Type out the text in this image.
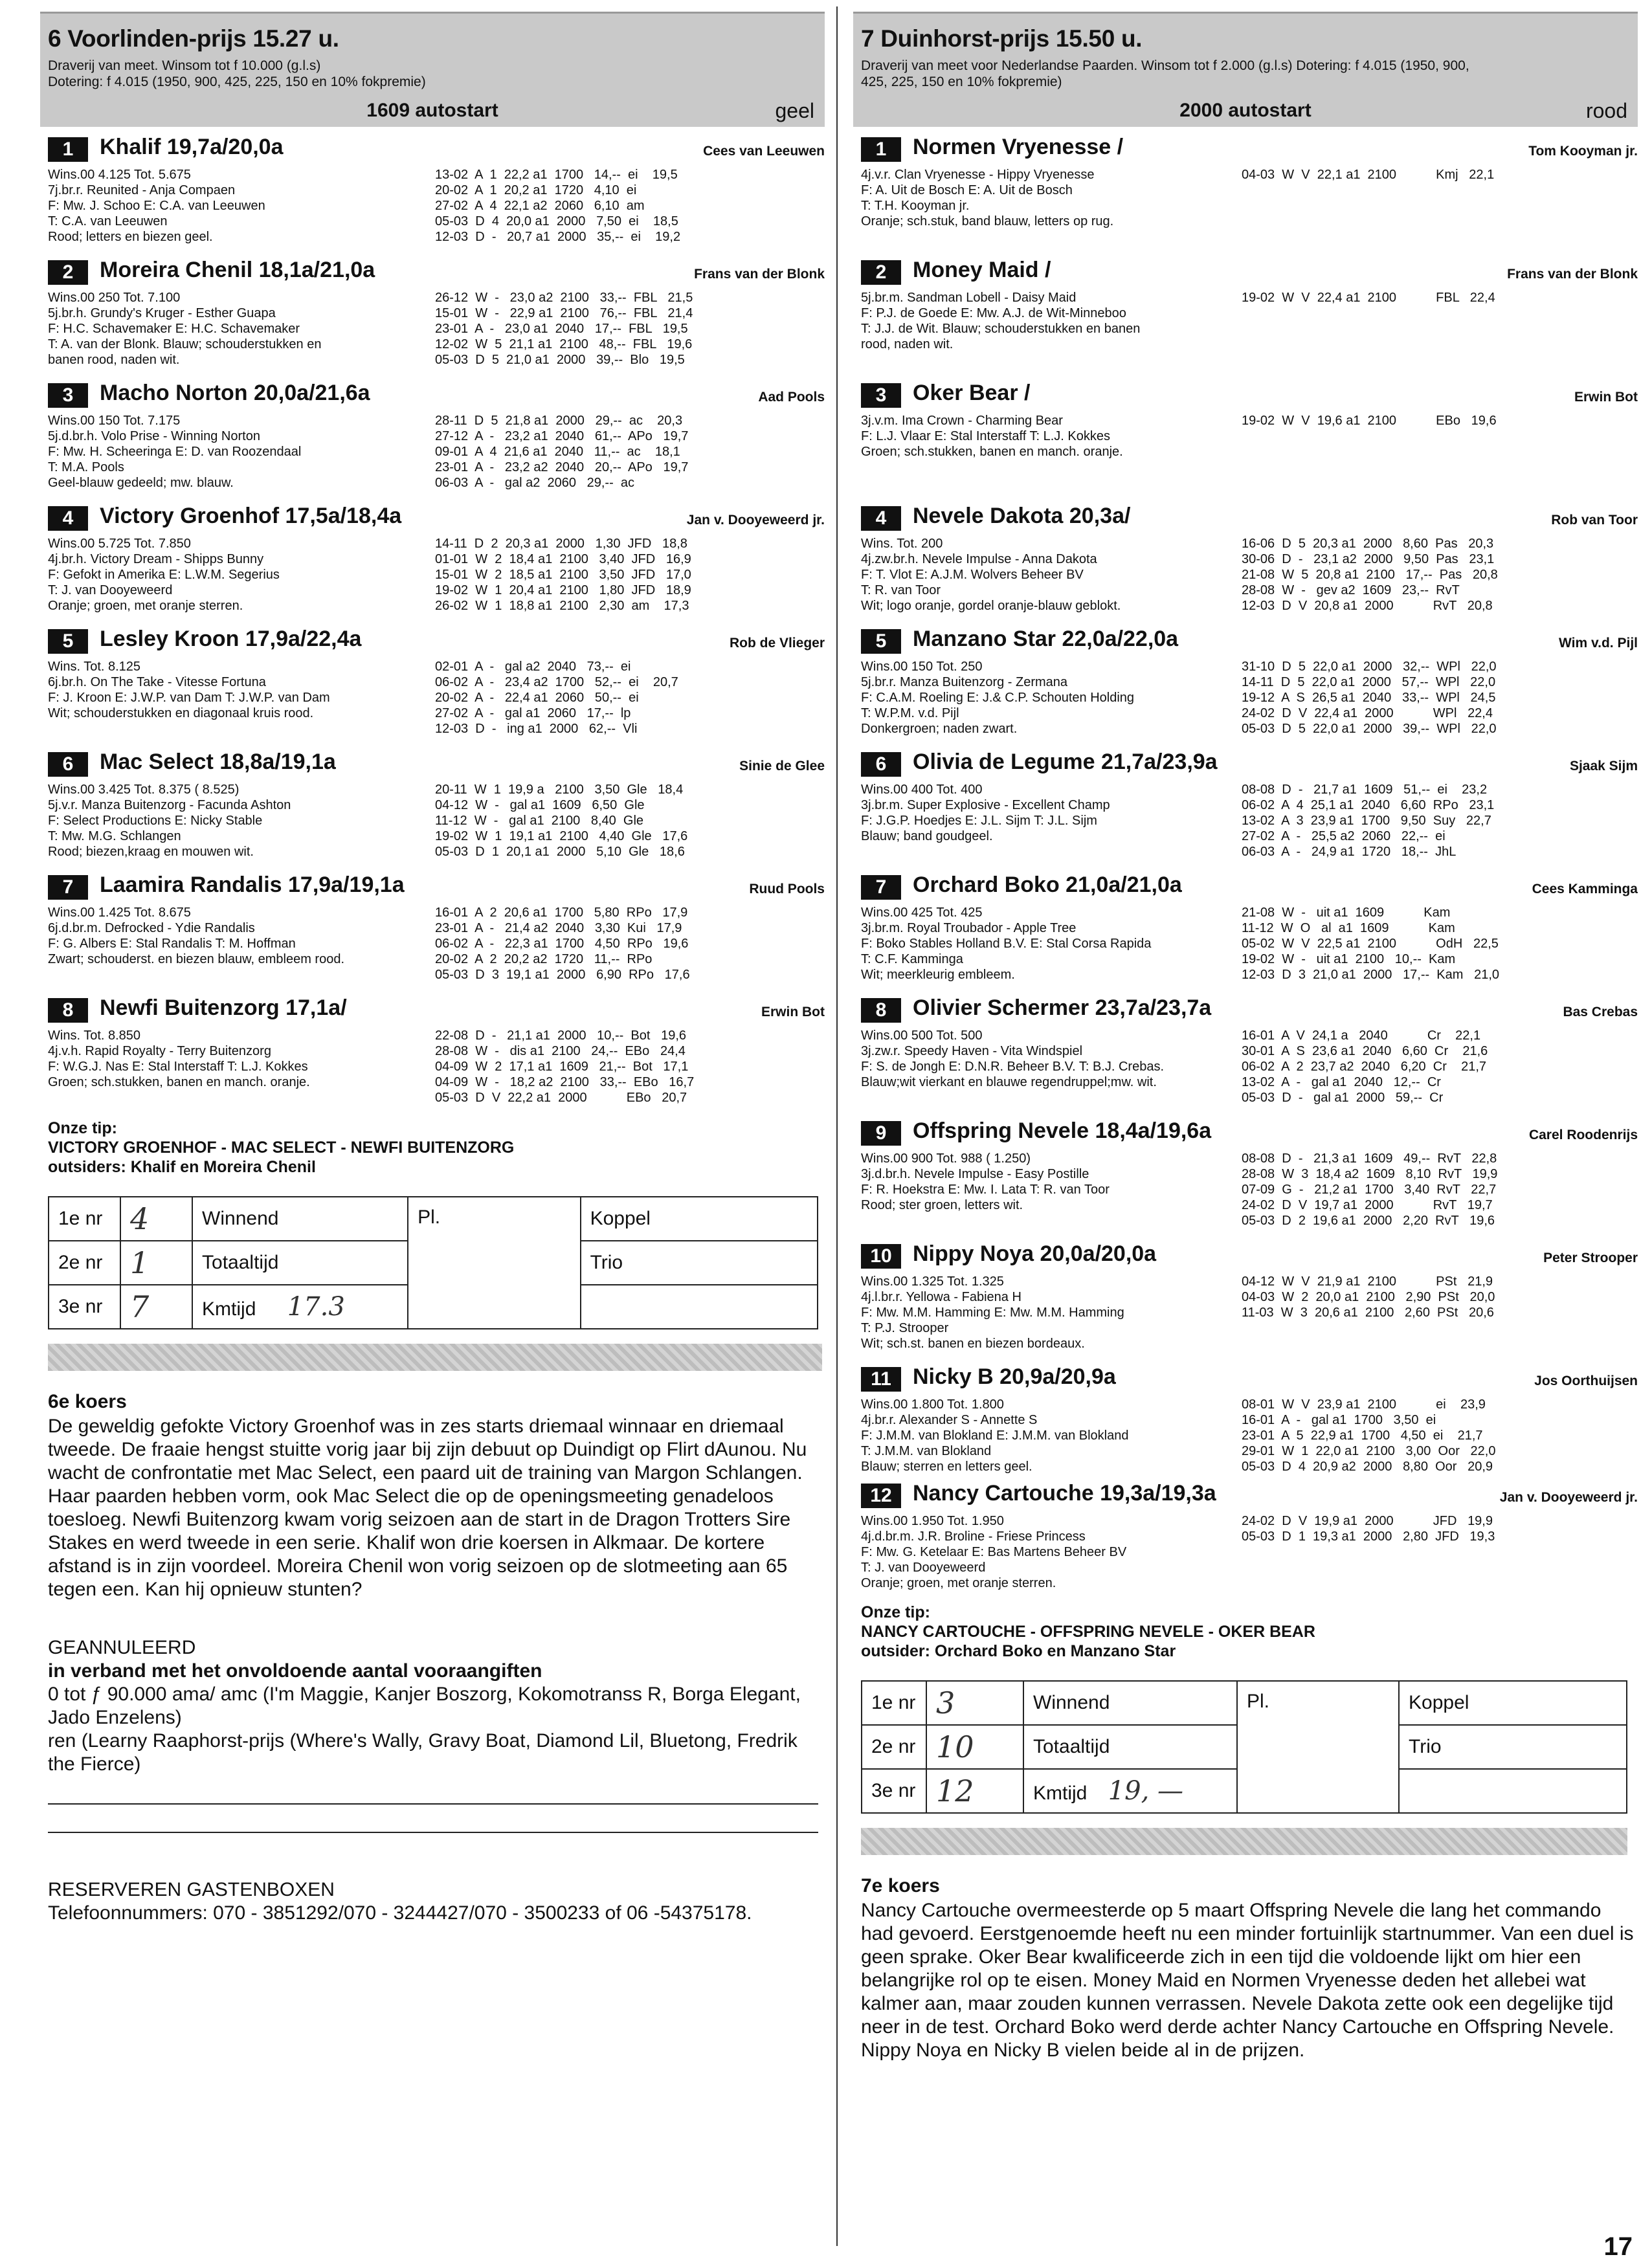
6 Voorlinden-prijs 15.27 u.
Draverij van meet. Winsom tot f 10.000 (g.l.s)
Dotering: f 4.015 (1950, 900, 425, 225, 150 en 10% fokpremie)
1609 autostart	geel
1	Khalif 19,7a/20,0a	Cees van Leeuwen
Wins.00 4.125 Tot. 5.675
7j.br.r. Reunited - Anja Compaen
F: Mw. J. Schoo E: C.A. van Leeuwen
T: C.A. van Leeuwen
Rood; letters en biezen geel.
13-02  A  1  22,2 a1  1700   14,--  ei    19,5
20-02  A  1  20,2 a1  1720   4,10  ei
27-02  A  4  22,1 a2  2060   6,10  am
05-03  D  4  20,0 a1  2000   7,50  ei    18,5
12-03  D  -   20,7 a1  2000   35,--  ei    19,2
2	Moreira Chenil 18,1a/21,0a	Frans van der Blonk
Wins.00 250 Tot. 7.100
5j.br.h. Grundy's Kruger - Esther Guapa
F: H.C. Schavemaker E: H.C. Schavemaker
T: A. van der Blonk. Blauw; schouderstukken en
banen rood, naden wit.
26-12  W  -   23,0 a2  2100   33,--  FBL   21,5
15-01  W  -   22,9 a1  2100   76,--  FBL   21,4
23-01  A  -   23,0 a1  2040   17,--  FBL   19,5
12-02  W  5  21,1 a1  2100   48,--  FBL   19,6
05-03  D  5  21,0 a1  2000   39,--  Blo   19,5
3	Macho Norton 20,0a/21,6a	Aad Pools
Wins.00 150 Tot. 7.175
5j.d.br.h. Volo Prise - Winning Norton
F: Mw. H. Scheeringa E: D. van Roozendaal
T: M.A. Pools
Geel-blauw gedeeld; mw. blauw.
28-11  D  5  21,8 a1  2000   29,--  ac    20,3
27-12  A  -   23,2 a1  2040   61,--  APo   19,7
09-01  A  4  21,6 a1  2040   11,--  ac    18,1
23-01  A  -   23,2 a2  2040   20,--  APo   19,7
06-03  A  -   gal a2  2060   29,--  ac
4	Victory Groenhof 17,5a/18,4a	Jan v. Dooyeweerd jr.
Wins.00 5.725 Tot. 7.850
4j.br.h. Victory Dream - Shipps Bunny
F: Gefokt in Amerika E: L.W.M. Segerius
T: J. van Dooyeweerd
Oranje; groen, met oranje sterren.
14-11  D  2  20,3 a1  2000   1,30  JFD   18,8
01-01  W  2  18,4 a1  2100   3,40  JFD   16,9
15-01  W  2  18,5 a1  2100   3,50  JFD   17,0
19-02  W  1  20,4 a1  2100   1,80  JFD   18,9
26-02  W  1  18,8 a1  2100   2,30  am    17,3
5	Lesley Kroon 17,9a/22,4a	Rob de Vlieger
Wins. Tot. 8.125
6j.br.h. On The Take - Vitesse Fortuna
F: J. Kroon E: J.W.P. van Dam T: J.W.P. van Dam
Wit; schouderstukken en diagonaal kruis rood.
02-01  A  -   gal a2  2040   73,--  ei
06-02  A  -   23,4 a2  1700   52,--  ei    20,7
20-02  A  -   22,4 a1  2060   50,--  ei
27-02  A  -   gal a1  2060   17,--  lp
12-03  D  -   ing a1  2000   62,--  Vli
6	Mac Select 18,8a/19,1a	Sinie de Glee
Wins.00 3.425 Tot. 8.375 ( 8.525)
5j.v.r. Manza Buitenzorg - Facunda Ashton
F: Select Productions E: Nicky Stable
T: Mw. M.G. Schlangen
Rood; biezen,kraag en mouwen wit.
20-11  W  1  19,9 a   2100   3,50  Gle   18,4
04-12  W  -   gal a1  1609   6,50  Gle
11-12  W  -   gal a1  2100   8,40  Gle
19-02  W  1  19,1 a1  2100   4,40  Gle   17,6
05-03  D  1  20,1 a1  2000   5,10  Gle   18,6
7	Laamira Randalis 17,9a/19,1a	Ruud Pools
Wins.00 1.425 Tot. 8.675
6j.d.br.m. Defrocked - Ydie Randalis
F: G. Albers E: Stal Randalis T: M. Hoffman
Zwart; schouderst. en biezen blauw, embleem rood.
16-01  A  2  20,6 a1  1700   5,80  RPo   17,9
23-01  A  -   21,4 a2  2040   3,30  Kui   17,9
06-02  A  -   22,3 a1  1700   4,50  RPo   19,6
20-02  A  2  20,2 a2  1720   11,--  RPo
05-03  D  3  19,1 a1  2000   6,90  RPo   17,6
8	Newfi Buitenzorg 17,1a/	Erwin Bot
Wins. Tot. 8.850
4j.v.h. Rapid Royalty - Terry Buitenzorg
F: W.G.J. Nas E: Stal Interstaff T: L.J. Kokkes
Groen; sch.stukken, banen en manch. oranje.
22-08  D  -   21,1 a1  2000   10,--  Bot   19,6
28-08  W  -   dis a1  2100   24,--  EBo   24,4
04-09  W  2  17,1 a1  1609   21,--  Bot   17,1
04-09  W  -   18,2 a2  2100   33,--  EBo   16,7
05-03  D  V  22,2 a1  2000           EBo   20,7
Onze tip:
VICTORY GROENHOF - MAC SELECT - NEWFI BUITENZORG
outsiders: Khalif en Moreira Chenil
1e nr	4	Winnend	Pl.	Koppel
2e nr	1	Totaaltijd		Trio
3e nr	7	Kmtijd 17.3		
6e koers

De geweldig gefokte Victory Groenhof was in zes starts driemaal winnaar en driemaal tweede. De fraaie hengst stuitte vorig jaar bij zijn debuut op Duindigt op Flirt dAunou. Nu wacht de confrontatie met Mac Select, een paard uit de training van Margon Schlangen. Haar paarden hebben vorm, ook Mac Select die op de openingsmeeting genadeloos toesloeg. Newfi Buitenzorg kwam vorig seizoen aan de start in de Dragon Trotters Sire Stakes en werd tweede in een serie. Khalif won drie koersen in Alkmaar. De kortere afstand is in zijn voordeel. Moreira Chenil won vorig seizoen op de slotmeeting aan 65 tegen een. Kan hij opnieuw stunten?

GEANNULEERD
in verband met het onvoldoende aantal vooraangiften
0 tot ƒ 90.000 ama/ amc (I'm Maggie, Kanjer Boszorg, Kokomotranss R, Borga Elegant, Jado Enzelens)
ren (Learny Raaphorst-prijs (Where's Wally, Gravy Boat, Diamond Lil, Bluetong, Fredrik the Fierce)
RESERVEREN GASTENBOXEN
Telefoonnummers: 070 - 3851292/070 - 3244427/070 - 3500233 of 06 -54375178.
7 Duinhorst-prijs 15.50 u.
Draverij van meet voor Nederlandse Paarden. Winsom tot f 2.000 (g.l.s) Dotering: f 4.015 (1950, 900,
425, 225, 150 en 10% fokpremie)
2000 autostart	rood
1	Normen Vryenesse /	Tom Kooyman jr.
4j.v.r. Clan Vryenesse - Hippy Vryenesse
F: A. Uit de Bosch E: A. Uit de Bosch
T: T.H. Kooyman jr.
Oranje; sch.stuk, band blauw, letters op rug.
04-03  W  V  22,1 a1  2100           Kmj   22,1
2	Money Maid /	Frans van der Blonk
5j.br.m. Sandman Lobell - Daisy Maid
F: P.J. de Goede E: Mw. A.J. de Wit-Minneboo
T: J.J. de Wit. Blauw; schouderstukken en banen
rood, naden wit.
19-02  W  V  22,4 a1  2100           FBL   22,4
3	Oker Bear /	Erwin Bot
3j.v.m. Ima Crown - Charming Bear
F: L.J. Vlaar E: Stal Interstaff T: L.J. Kokkes
Groen; sch.stukken, banen en manch. oranje.
19-02  W  V  19,6 a1  2100           EBo   19,6
4	Nevele Dakota 20,3a/	Rob van Toor
Wins. Tot. 200
4j.zw.br.h. Nevele Impulse - Anna Dakota
F: T. Vlot E: A.J.M. Wolvers Beheer BV
T: R. van Toor
Wit; logo oranje, gordel oranje-blauw geblokt.
16-06  D  5  20,3 a1  2000   8,60  Pas   20,3
30-06  D  -   23,1 a2  2000   9,50  Pas   23,1
21-08  W  5  20,8 a1  2100   17,--  Pas   20,8
28-08  W  -   gev a2  1609   23,--  RvT
12-03  D  V  20,8 a1  2000           RvT   20,8
5	Manzano Star 22,0a/22,0a	Wim v.d. Pijl
Wins.00 150 Tot. 250
5j.br.r. Manza Buitenzorg - Zermana
F: C.A.M. Roeling E: J.& C.P. Schouten Holding
T: W.P.M. v.d. Pijl
Donkergroen; naden zwart.
31-10  D  5  22,0 a1  2000   32,--  WPl   22,0
14-11  D  5  22,0 a1  2000   57,--  WPl   22,0
19-12  A  S  26,5 a1  2040   33,--  WPl   24,5
24-02  D  V  22,4 a1  2000           WPl   22,4
05-03  D  5  22,0 a1  2000   39,--  WPl   22,0
6	Olivia de Legume 21,7a/23,9a	Sjaak Sijm
Wins.00 400 Tot. 400
3j.br.m. Super Explosive - Excellent Champ
F: J.G.P. Hoedjes E: J.L. Sijm T: J.L. Sijm
Blauw; band goudgeel.
08-08  D  -   21,7 a1  1609   51,--  ei    23,2
06-02  A  4  25,1 a1  2040   6,60  RPo   23,1
13-02  A  3  23,9 a1  1700   9,50  Suy   22,7
27-02  A  -   25,5 a2  2060   22,--  ei
06-03  A  -   24,9 a1  1720   18,--  JhL
7	Orchard Boko 21,0a/21,0a	Cees Kamminga
Wins.00 425 Tot. 425
3j.br.m. Royal Troubador - Apple Tree
F: Boko Stables Holland B.V. E: Stal Corsa Rapida
T: C.F. Kamminga
Wit; meerkleurig embleem.
21-08  W  -   uit a1  1609           Kam
11-12  W  O   al  a1  1609           Kam
05-02  W  V  22,5 a1  2100           OdH   22,5
19-02  W  -   uit a1  2100   10,--  Kam
12-03  D  3  21,0 a1  2000   17,--  Kam   21,0
8	Olivier Schermer 23,7a/23,7a	Bas Crebas
Wins.00 500 Tot. 500
3j.zw.r. Speedy Haven - Vita Windspiel
F: S. de Jongh E: D.N.R. Beheer B.V. T: B.J. Crebas.
Blauw;wit vierkant en blauwe regendruppel;mw. wit.
16-01  A  V  24,1 a   2040           Cr    22,1
30-01  A  S  23,6 a1  2040   6,60  Cr    21,6
06-02  A  2  23,7 a2  2040   6,20  Cr    21,7
13-02  A  -   gal a1  2040   12,--  Cr
05-03  D  -   gal a1  2000   59,--  Cr
9	Offspring Nevele 18,4a/19,6a	Carel Roodenrijs
Wins.00 900 Tot. 988 ( 1.250)
3j.d.br.h. Nevele Impulse - Easy Postille
F: R. Hoekstra E: Mw. I. Lata T: R. van Toor
Rood; ster groen, letters wit.
08-08  D  -   21,3 a1  1609   49,--  RvT   22,8
28-08  W  3  18,4 a2  1609   8,10  RvT   19,9
07-09  G  -   21,2 a1  1700   3,40  RvT   22,7
24-02  D  V  19,7 a1  2000           RvT   19,7
05-03  D  2  19,6 a1  2000   2,20  RvT   19,6
10 Nippy Noya 20,0a/20,0a	Peter Strooper
Wins.00 1.325 Tot. 1.325
4j.l.br.r. Yellowa - Fabiena H
F: Mw. M.M. Hamming E: Mw. M.M. Hamming
T: P.J. Strooper
Wit; sch.st. banen en biezen bordeaux.
04-12  W  V  21,9 a1  2100           PSt   21,9
04-03  W  2  20,0 a1  2100   2,90  PSt   20,0
11-03  W  3  20,6 a1  2100   2,60  PSt   20,6
11 Nicky B 20,9a/20,9a	Jos Oorthuijsen
Wins.00 1.800 Tot. 1.800
4j.br.r. Alexander S - Annette S
F: J.M.M. van Blokland E: J.M.M. van Blokland
T: J.M.M. van Blokland
Blauw; sterren en letters geel.
08-01  W  V  23,9 a1  2100           ei    23,9
16-01  A  -   gal a1  1700   3,50  ei
23-01  A  5  22,9 a1  1700   4,50  ei    21,7
29-01  W  1  22,0 a1  2100   3,00  Oor   22,0
05-03  D  4  20,9 a2  2000   8,80  Oor   20,9
12 Nancy Cartouche 19,3a/19,3a	Jan v. Dooyeweerd jr.
Wins.00 1.950 Tot. 1.950
4j.d.br.m. J.R. Broline - Friese Princess
F: Mw. G. Ketelaar E: Bas Martens Beheer BV
T: J. van Dooyeweerd
Oranje; groen, met oranje sterren.
24-02  D  V  19,9 a1  2000           JFD   19,9
05-03  D  1  19,3 a1  2000   2,80  JFD   19,3
Onze tip:
NANCY CARTOUCHE - OFFSPRING NEVELE - OKER BEAR
outsider: Orchard Boko en Manzano Star
1e nr	3	Winnend	Pl.	Koppel
2e nr	10	Totaaltijd		Trio
3e nr	12	Kmtijd 19, —		
7e koers

Nancy Cartouche overmeesterde op 5 maart Offspring Nevele die lang het commando had gevoerd. Eerstgenoemde heeft nu een minder fortuinlijk startnummer. Van een duel is geen sprake. Oker Bear kwalificeerde zich in een tijd die voldoende lijkt om hier een belangrijke rol op te eisen. Money Maid en Normen Vryenesse deden het allebei wat kalmer aan, maar zouden kunnen verrassen. Nevele Dakota zette ook een degelijke tijd neer in de test. Orchard Boko werd derde achter Nancy Cartouche en Offspring Nevele. Nippy Noya en Nicky B vielen beide al in de prijzen.

17
